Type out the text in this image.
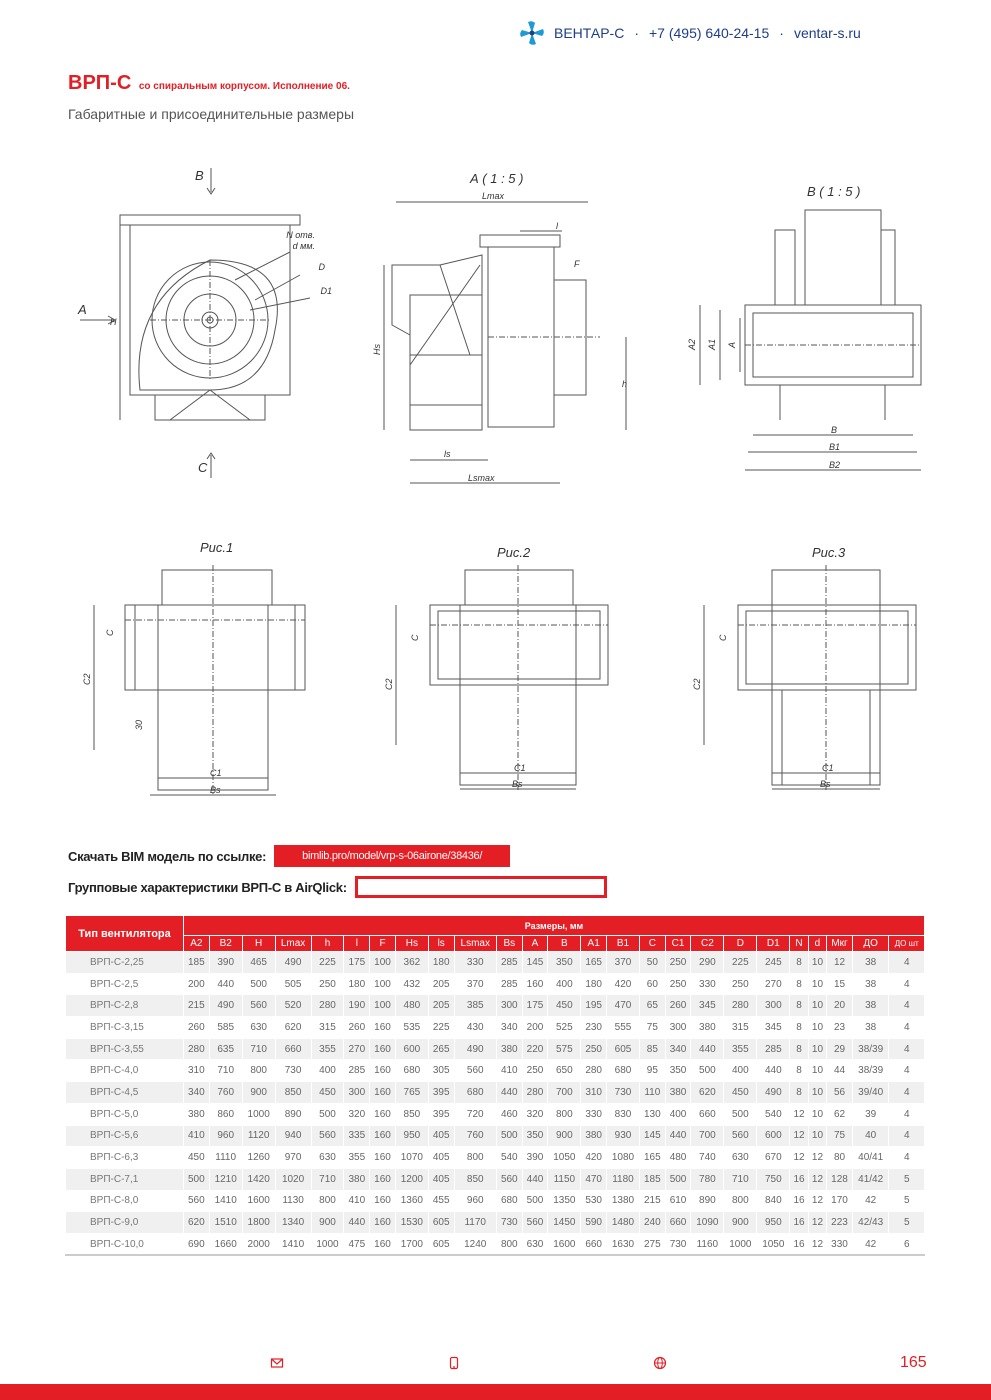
ВЕНТАР-С · +7 (495) 640-24-15 · ventar-s.ru
ВРП-С со спиральным корпусом. Исполнение 06.
Габаритные и присоединительные размеры
В
А
H
N отв.
d мм.
D
D1
С
А ( 1 : 5 )
Lmax
l
F
Hs
h
ls
Lsmax
В ( 1 : 5 )
A2 A1 A
B
B1
B2
Рис.1
С
C2
30
C1
Bs
Рис.2
С
C2
C1
Bs
Рис.3
С
C2
C1
Bs
Скачать BIM модель по ссылке:	bimlib.pro/model/vrp-s-06airone/38436/
Групповые характеристики ВРП-С в AirQlick:
Тип вентилятора	Размеры, мм																								
	A2	B2	H	Lmax	h	l	F	Hs	ls	Lsmax	Bs	A	B	A1	B1	C	C1	C2	D	D1	N	d	Мкг	ДО	ДО шт
ВРП-С-2,25	185	390	465	490	225	175	100	362	180	330	285	145	350	165	370	50	250	290	225	245	8	10	12	38	4
ВРП-С-2,5	200	440	500	505	250	180	100	432	205	370	285	160	400	180	420	60	250	330	250	270	8	10	15	38	4
ВРП-С-2,8	215	490	560	520	280	190	100	480	205	385	300	175	450	195	470	65	260	345	280	300	8	10	20	38	4
ВРП-С-3,15	260	585	630	620	315	260	160	535	225	430	340	200	525	230	555	75	300	380	315	345	8	10	23	38	4
ВРП-С-3,55	280	635	710	660	355	270	160	600	265	490	380	220	575	250	605	85	340	440	355	285	8	10	29	38/39	4
ВРП-С-4,0	310	710	800	730	400	285	160	680	305	560	410	250	650	280	680	95	350	500	400	440	8	10	44	38/39	4
ВРП-С-4,5	340	760	900	850	450	300	160	765	395	680	440	280	700	310	730	110	380	620	450	490	8	10	56	39/40	4
ВРП-С-5,0	380	860	1000	890	500	320	160	850	395	720	460	320	800	330	830	130	400	660	500	540	12	10	62	39	4
ВРП-С-5,6	410	960	1120	940	560	335	160	950	405	760	500	350	900	380	930	145	440	700	560	600	12	10	75	40	4
ВРП-С-6,3	450	1110	1260	970	630	355	160	1070	405	800	540	390	1050	420	1080	165	480	740	630	670	12	12	80	40/41	4
ВРП-С-7,1	500	1210	1420	1020	710	380	160	1200	405	850	560	440	1150	470	1180	185	500	780	710	750	16	12	128	41/42	5
ВРП-С-8,0	560	1410	1600	1130	800	410	160	1360	455	960	680	500	1350	530	1380	215	610	890	800	840	16	12	170	42	5
ВРП-С-9,0	620	1510	1800	1340	900	440	160	1530	605	1170	730	560	1450	590	1480	240	660	1090	900	950	16	12	223	42/43	5
ВРП-С-10,0	690	1660	2000	1410	1000	475	160	1700	605	1240	800	630	1600	660	1630	275	730	1160	1000	1050	16	12	330	42	6
165
